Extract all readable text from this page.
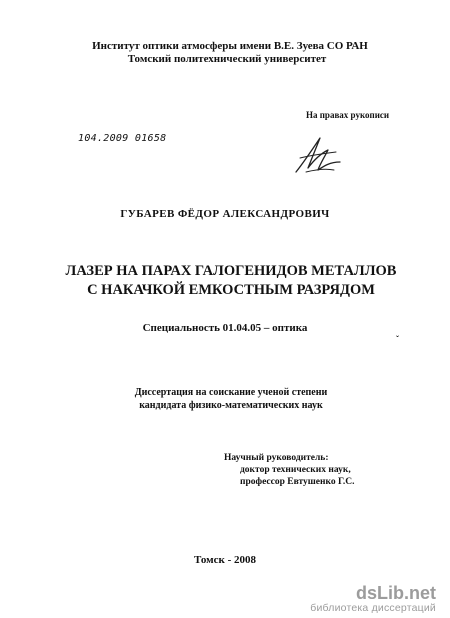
Институт оптики атмосферы имени В.Е. Зуева СО РАН
Томский политехнический университет
На правах рукописи
104.2009 01658
ГУБАРЕВ ФЁДОР АЛЕКСАНДРОВИЧ
ЛАЗЕР НА ПАРАХ ГАЛОГЕНИДОВ МЕТАЛЛОВ
С НАКАЧКОЙ ЕМКОСТНЫМ РАЗРЯДОМ
Специальность 01.04.05 – оптика
ˇ
Диссертация на соискание ученой степени
кандидата физико-математических наук
Научный руководитель:
доктор технических наук,
профессор Евтушенко Г.С.
Томск - 2008
dsLib.net
библиотека диссертаций
